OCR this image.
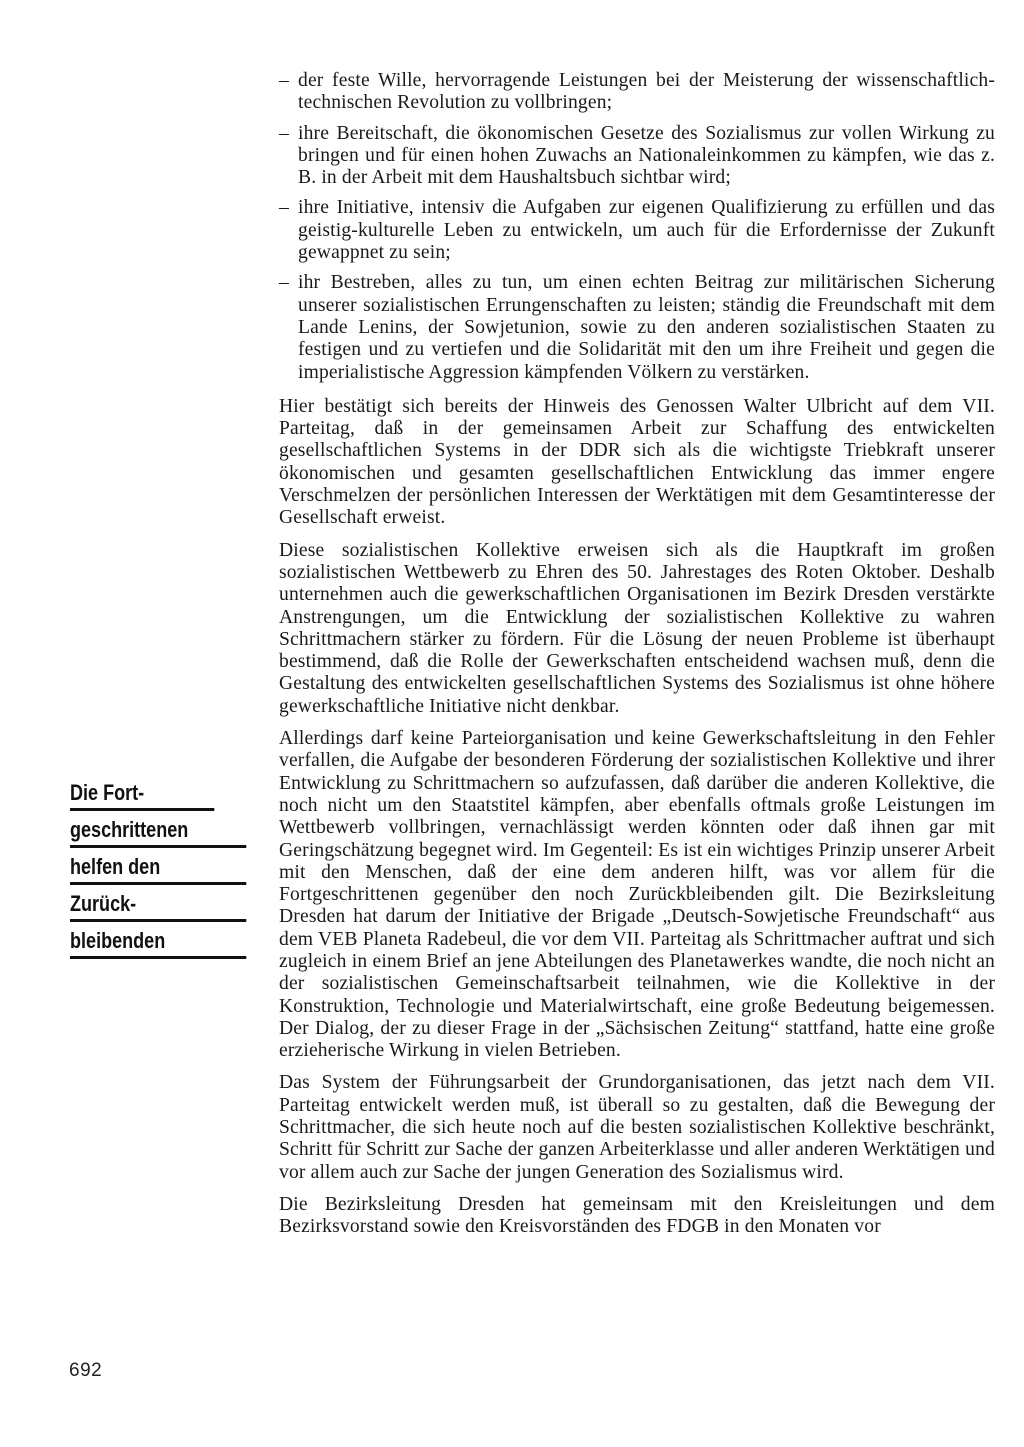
– der feste Wille, hervorragende Leistungen bei der Meisterung der wissenschaftlich-technischen Revolution zu vollbringen;
– ihre Bereitschaft, die ökonomischen Gesetze des Sozialismus zur vollen Wirkung zu bringen und für einen hohen Zuwachs an Nationaleinkommen zu kämpfen, wie das z. B. in der Arbeit mit dem Haushaltsbuch sichtbar wird;
– ihre Initiative, intensiv die Aufgaben zur eigenen Qualifizierung zu erfüllen und das geistig-kulturelle Leben zu entwickeln, um auch für die Erfordernisse der Zukunft gewappnet zu sein;
– ihr Bestreben, alles zu tun, um einen echten Beitrag zur militärischen Sicherung unserer sozialistischen Errungenschaften zu leisten; ständig die Freundschaft mit dem Lande Lenins, der Sowjetunion, sowie zu den anderen sozialistischen Staaten zu festigen und zu vertiefen und die Solidarität mit den um ihre Freiheit und gegen die imperialistische Aggression kämpfenden Völkern zu verstärken.

Hier bestätigt sich bereits der Hinweis des Genossen Walter Ulbricht auf dem VII. Parteitag, daß in der gemeinsamen Arbeit zur Schaffung des entwickelten gesellschaftlichen Systems in der DDR sich als die wichtigste Triebkraft unserer ökonomischen und gesamten gesellschaftlichen Entwicklung das immer engere Verschmelzen der persönlichen Interessen der Werktätigen mit dem Gesamtinteresse der Gesellschaft erweist.

Diese sozialistischen Kollektive erweisen sich als die Hauptkraft im großen sozialistischen Wettbewerb zu Ehren des 50. Jahrestages des Roten Oktober. Deshalb unternehmen auch die gewerkschaftlichen Organisationen im Bezirk Dresden verstärkte Anstrengungen, um die Entwicklung der sozialistischen Kollektive zu wahren Schrittmachern stärker zu fördern. Für die Lösung der neuen Probleme ist überhaupt bestimmend, daß die Rolle der Gewerkschaften entscheidend wachsen muß, denn die Gestaltung des entwickelten gesellschaftlichen Systems des Sozialismus ist ohne höhere gewerkschaftliche Initiative nicht denkbar.

Allerdings darf keine Parteiorganisation und keine Gewerkschaftsleitung in den Fehler verfallen, die Aufgabe der besonderen Förderung der sozialistischen Kollektive und ihrer Entwicklung zu Schrittmachern so aufzufassen, daß darüber die anderen Kollektive, die noch nicht um den Staatstitel kämpfen, aber ebenfalls oftmals große Leistungen im Wettbewerb vollbringen, vernachlässigt werden könnten oder daß ihnen gar mit Geringschätzung begegnet wird. Im Gegenteil: Es ist ein wichtiges Prinzip unserer Arbeit mit den Menschen, daß der eine dem anderen hilft, was vor allem für die Fortgeschrittenen gegenüber den noch Zurückbleibenden gilt. Die Bezirksleitung Dresden hat darum der Initiative der Brigade „Deutsch-Sowjetische Freundschaft“ aus dem VEB Planeta Radebeul, die vor dem VII. Parteitag als Schrittmacher auftrat und sich zugleich in einem Brief an jene Abteilungen des Planetawerkes wandte, die noch nicht an der sozialistischen Gemeinschaftsarbeit teilnahmen, wie die Kollektive in der Konstruktion, Technologie und Materialwirtschaft, eine große Bedeutung beigemessen. Der Dialog, der zu dieser Frage in der „Sächsischen Zeitung“ stattfand, hatte eine große erzieherische Wirkung in vielen Betrieben.

Das System der Führungsarbeit der Grundorganisationen, das jetzt nach dem VII. Parteitag entwickelt werden muß, ist überall so zu gestalten, daß die Bewegung der Schrittmacher, die sich heute noch auf die besten sozialistischen Kollektive beschränkt, Schritt für Schritt zur Sache der ganzen Arbeiterklasse und aller anderen Werktätigen und vor allem auch zur Sache der jungen Generation des Sozialismus wird.

Die Bezirksleitung Dresden hat gemeinsam mit den Kreisleitungen und dem Bezirksvorstand sowie den Kreisvorständen des FDGB in den Monaten vor

Die Fort-
geschrittenen
helfen den
Zurück-
bleibenden
692
